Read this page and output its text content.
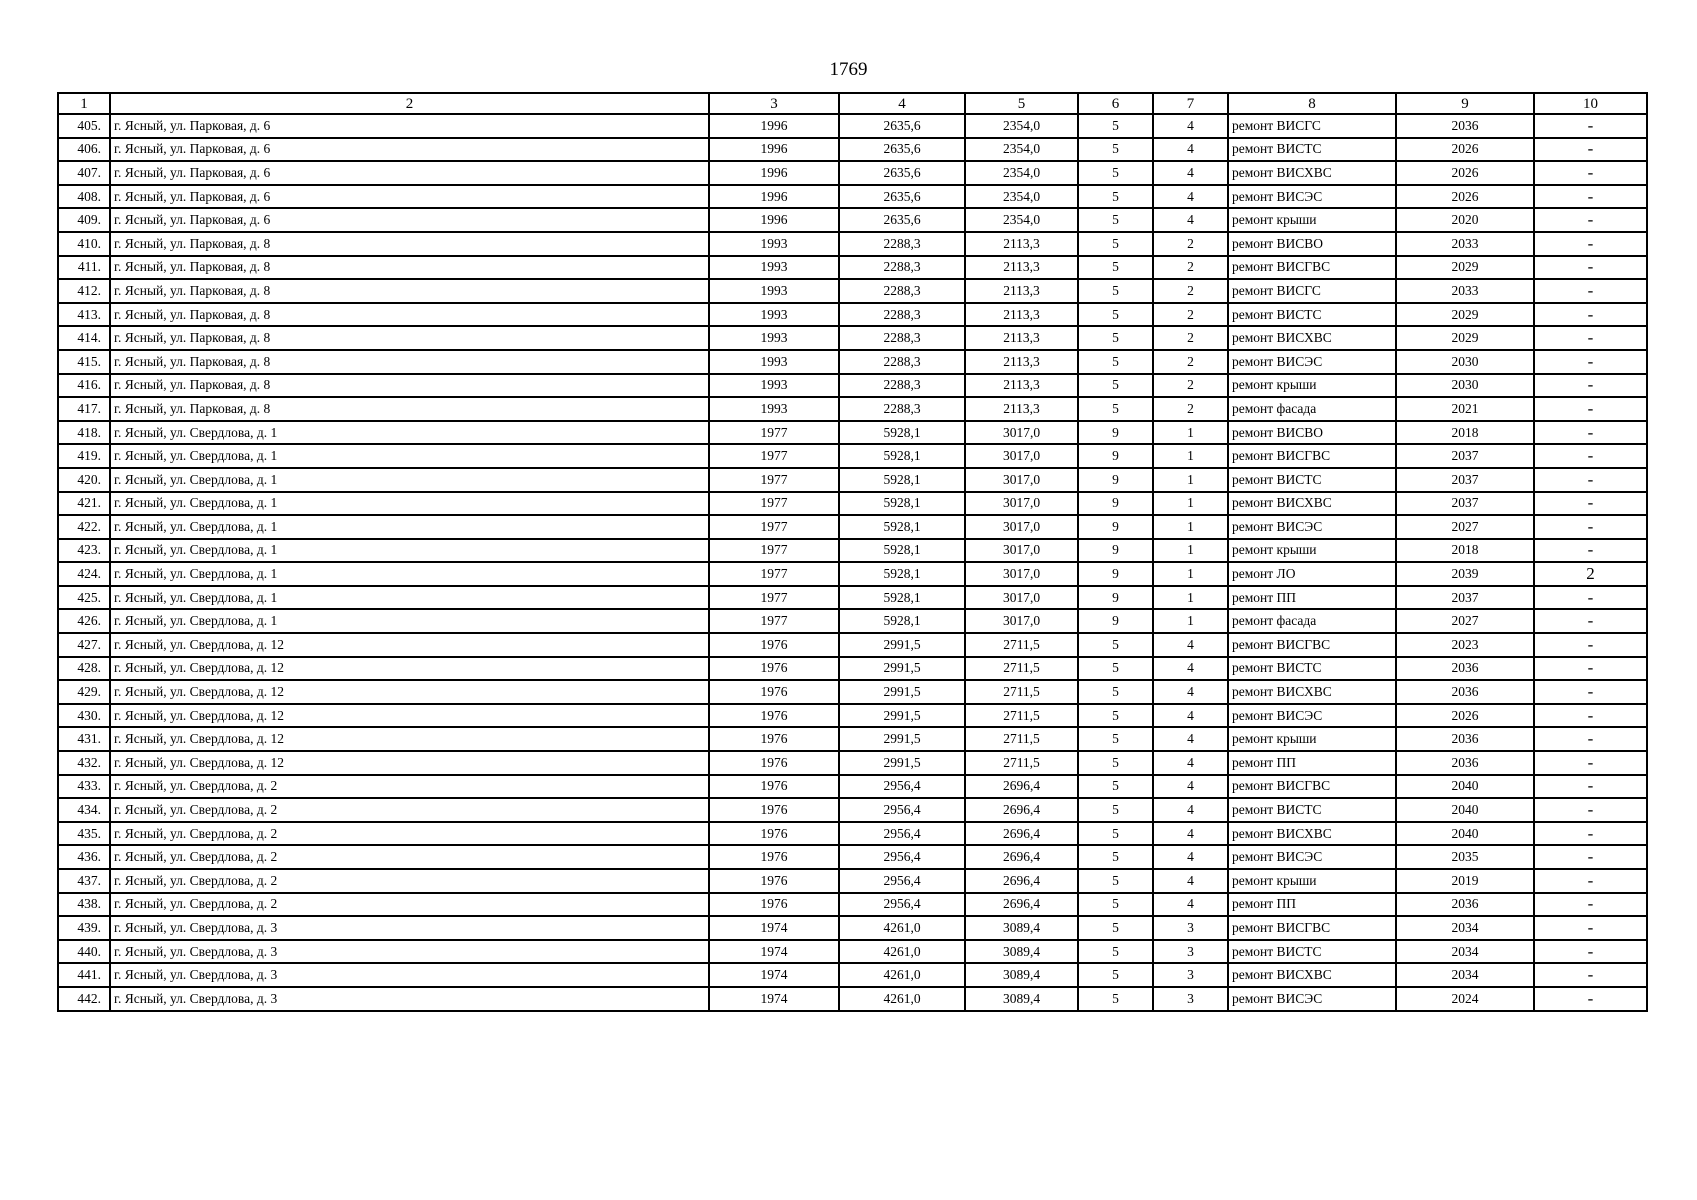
1769
1	2	3	4	5	6	7	8	9	10
405.	г. Ясный, ул. Парковая, д. 6	1996	2635,6	2354,0	5	4	ремонт ВИСГС	2036	-
406.	г. Ясный, ул. Парковая, д. 6	1996	2635,6	2354,0	5	4	ремонт ВИСТС	2026	-
407.	г. Ясный, ул. Парковая, д. 6	1996	2635,6	2354,0	5	4	ремонт ВИСХВС	2026	-
408.	г. Ясный, ул. Парковая, д. 6	1996	2635,6	2354,0	5	4	ремонт ВИСЭС	2026	-
409.	г. Ясный, ул. Парковая, д. 6	1996	2635,6	2354,0	5	4	ремонт крыши	2020	-
410.	г. Ясный, ул. Парковая, д. 8	1993	2288,3	2113,3	5	2	ремонт ВИСВО	2033	-
411.	г. Ясный, ул. Парковая, д. 8	1993	2288,3	2113,3	5	2	ремонт ВИСГВС	2029	-
412.	г. Ясный, ул. Парковая, д. 8	1993	2288,3	2113,3	5	2	ремонт ВИСГС	2033	-
413.	г. Ясный, ул. Парковая, д. 8	1993	2288,3	2113,3	5	2	ремонт ВИСТС	2029	-
414.	г. Ясный, ул. Парковая, д. 8	1993	2288,3	2113,3	5	2	ремонт ВИСХВС	2029	-
415.	г. Ясный, ул. Парковая, д. 8	1993	2288,3	2113,3	5	2	ремонт ВИСЭС	2030	-
416.	г. Ясный, ул. Парковая, д. 8	1993	2288,3	2113,3	5	2	ремонт крыши	2030	-
417.	г. Ясный, ул. Парковая, д. 8	1993	2288,3	2113,3	5	2	ремонт фасада	2021	-
418.	г. Ясный, ул. Свердлова, д. 1	1977	5928,1	3017,0	9	1	ремонт ВИСВО	2018	-
419.	г. Ясный, ул. Свердлова, д. 1	1977	5928,1	3017,0	9	1	ремонт ВИСГВС	2037	-
420.	г. Ясный, ул. Свердлова, д. 1	1977	5928,1	3017,0	9	1	ремонт ВИСТС	2037	-
421.	г. Ясный, ул. Свердлова, д. 1	1977	5928,1	3017,0	9	1	ремонт ВИСХВС	2037	-
422.	г. Ясный, ул. Свердлова, д. 1	1977	5928,1	3017,0	9	1	ремонт ВИСЭС	2027	-
423.	г. Ясный, ул. Свердлова, д. 1	1977	5928,1	3017,0	9	1	ремонт крыши	2018	-
424.	г. Ясный, ул. Свердлова, д. 1	1977	5928,1	3017,0	9	1	ремонт ЛО	2039	2
425.	г. Ясный, ул. Свердлова, д. 1	1977	5928,1	3017,0	9	1	ремонт ПП	2037	-
426.	г. Ясный, ул. Свердлова, д. 1	1977	5928,1	3017,0	9	1	ремонт фасада	2027	-
427.	г. Ясный, ул. Свердлова, д. 12	1976	2991,5	2711,5	5	4	ремонт ВИСГВС	2023	-
428.	г. Ясный, ул. Свердлова, д. 12	1976	2991,5	2711,5	5	4	ремонт ВИСТС	2036	-
429.	г. Ясный, ул. Свердлова, д. 12	1976	2991,5	2711,5	5	4	ремонт ВИСХВС	2036	-
430.	г. Ясный, ул. Свердлова, д. 12	1976	2991,5	2711,5	5	4	ремонт ВИСЭС	2026	-
431.	г. Ясный, ул. Свердлова, д. 12	1976	2991,5	2711,5	5	4	ремонт крыши	2036	-
432.	г. Ясный, ул. Свердлова, д. 12	1976	2991,5	2711,5	5	4	ремонт ПП	2036	-
433.	г. Ясный, ул. Свердлова, д. 2	1976	2956,4	2696,4	5	4	ремонт ВИСГВС	2040	-
434.	г. Ясный, ул. Свердлова, д. 2	1976	2956,4	2696,4	5	4	ремонт ВИСТС	2040	-
435.	г. Ясный, ул. Свердлова, д. 2	1976	2956,4	2696,4	5	4	ремонт ВИСХВС	2040	-
436.	г. Ясный, ул. Свердлова, д. 2	1976	2956,4	2696,4	5	4	ремонт ВИСЭС	2035	-
437.	г. Ясный, ул. Свердлова, д. 2	1976	2956,4	2696,4	5	4	ремонт крыши	2019	-
438.	г. Ясный, ул. Свердлова, д. 2	1976	2956,4	2696,4	5	4	ремонт ПП	2036	-
439.	г. Ясный, ул. Свердлова, д. 3	1974	4261,0	3089,4	5	3	ремонт ВИСГВС	2034	-
440.	г. Ясный, ул. Свердлова, д. 3	1974	4261,0	3089,4	5	3	ремонт ВИСТС	2034	-
441.	г. Ясный, ул. Свердлова, д. 3	1974	4261,0	3089,4	5	3	ремонт ВИСХВС	2034	-
442.	г. Ясный, ул. Свердлова, д. 3	1974	4261,0	3089,4	5	3	ремонт ВИСЭС	2024	-
